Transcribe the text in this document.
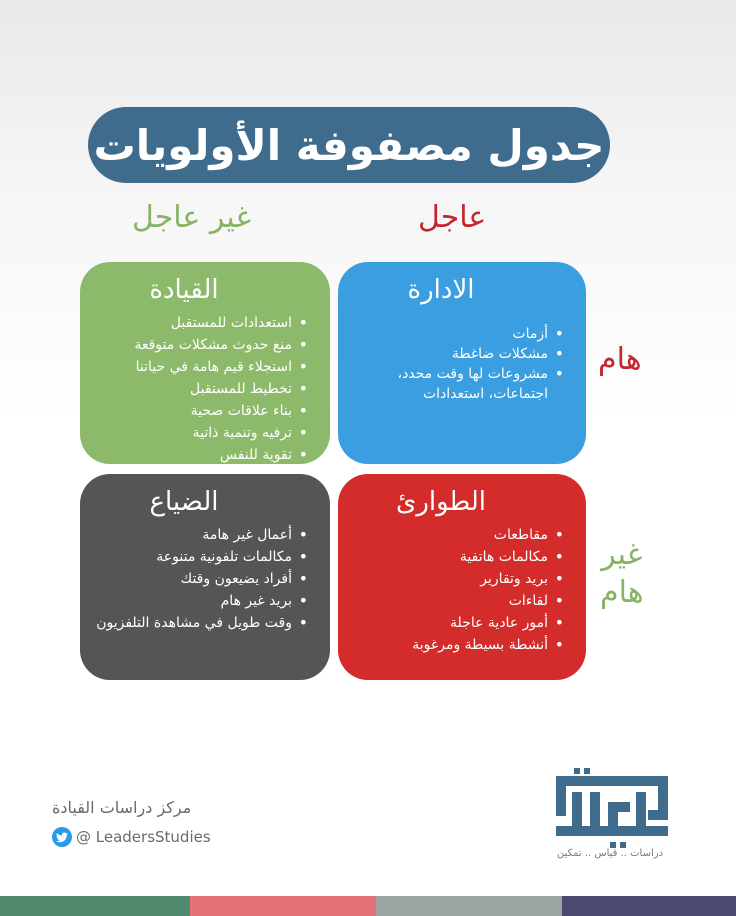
جدول مصفوفة الأولويات
عاجل
غير عاجل
هام
غير
هام
الادارة
• أزمات
• مشكلات ضاغطة
• مشروعات لها وقت محدد، اجتماعات، استعدادات
القيادة
• استعدادات للمستقبل
• منع حدوث مشكلات متوقعة
• استجلاء قيم هامة في حياتنا
• تخطيط للمستقبل
• بناء علاقات صحية
• ترفيه وتنمية ذاتية
• تقوية للنفس
الطوارئ
• مقاطعات
• مكالمات هاتفية
• بريد وتقارير
• لقاءات
• أمور عادية عاجلة
• أنشطة بسيطة ومرغوبة
الضياع
• أعمال غير هامة
• مكالمات تلفونية متنوعة
• أفراد يضيعون وقتك
• بريد غير هام
• وقت طويل في مشاهدة التلفزيون
مركز دراسات القيادة
@ LeadersStudies
دراسات .. قياس .. تمكين
